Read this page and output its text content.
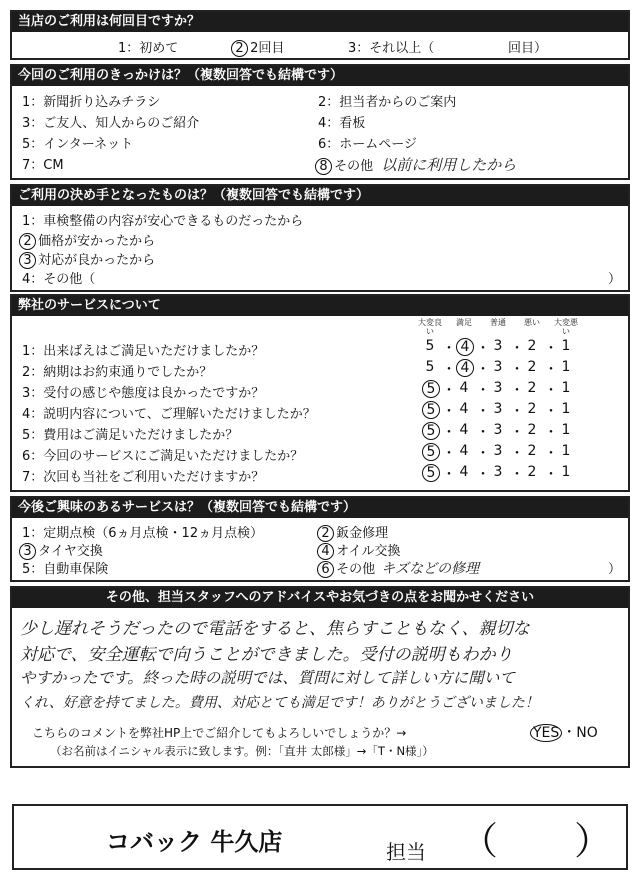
当店のご利用は何回目ですか？
1：初めて	2 2回目	3：それ以上（	回目）
今回のご利用のきっかけは？（複数回答でも結構です）
1：新聞折り込みチラシ	2：担当者からのご案内
3：ご友人、知人からのご紹介	4：看板
5：インターネット	6：ホームページ
7：CM	8 その他 以前に利用したから
ご利用の決め手となったものは？（複数回答でも結構です）
1：車検整備の内容が安心できるものだったから
2 価格が安かったから
3 対応が良かったから
4：その他（	）
弊社のサービスについて
大変良い
満足	普通	悪い	大変悪い
1：出来ばえはご満足いただけましたか？	5 ・ 4 ・ 3 ・ 2 ・ 1
2：納期はお約束通りでしたか？	5 ・ 4 ・ 3 ・ 2 ・ 1
3：受付の感じや態度は良かったですか？	5 ・ 4 ・ 3 ・ 2 ・ 1
4：説明内容について、ご理解いただけましたか？	5 ・ 4 ・ 3 ・ 2 ・ 1
5：費用はご満足いただけましたか？	5 ・ 4 ・ 3 ・ 2 ・ 1
6：今回のサービスにご満足いただけましたか？	5 ・ 4 ・ 3 ・ 2 ・ 1
7：次回も当社をご利用いただけますか？	5 ・ 4 ・ 3 ・ 2 ・ 1
今後ご興味のあるサービスは？（複数回答でも結構です）
1：定期点検（6ヵ月点検・12ヵ月点検）	2 鈑金修理
3 タイヤ交換	4 オイル交換
5：自動車保険	6 その他 キズなどの修理	）
その他、担当スタッフへのアドバイスやお気づきの点をお聞かせください
少し遅れそうだったので電話をすると、焦らすこともなく、親切な
対応で、安全運転で向うことができました。受付の説明もわかり
やすかったです。終った時の説明では、質問に対して詳しい方に聞いて
くれ、好意を持てました。費用、対応とても満足です！ありがとうございました！
こちらのコメントを弊社HP上でご紹介してもよろしいでしょうか？→	YES ・NO
（お名前はイニシャル表示に致します。例：「直井 太郎様」→「T・N様」）
コバック 牛久店	担当 （ ）
